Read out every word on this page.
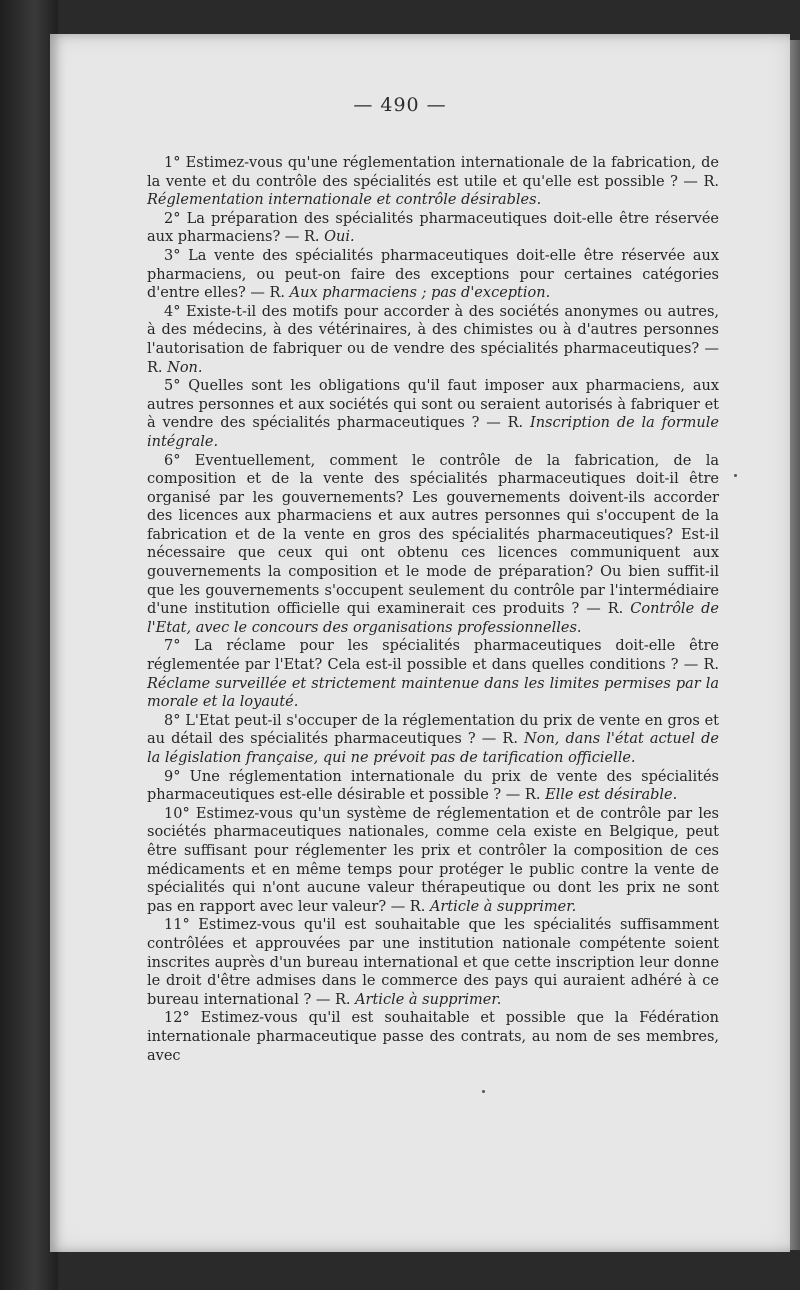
— 490 —

1° Estimez-vous qu'une réglementation internationale de la fabrication, de la vente et du contrôle des spécialités est utile et qu'elle est possible ? — R. Réglementation internationale et contrôle désirables.

2° La préparation des spécialités pharmaceutiques doit-elle être réservée aux pharmaciens? — R. Oui.

3° La vente des spécialités pharmaceutiques doit-elle être réservée aux pharmaciens, ou peut-on faire des exceptions pour certaines catégories d'entre elles? — R. Aux pharmaciens ; pas d'exception.

4° Existe-t-il des motifs pour accorder à des sociétés anonymes ou autres, à des médecins, à des vétérinaires, à des chimistes ou à d'autres personnes l'autorisation de fabriquer ou de vendre des spécialités pharmaceutiques? — R. Non.

5° Quelles sont les obligations qu'il faut imposer aux pharmaciens, aux autres personnes et aux sociétés qui sont ou seraient autorisés à fabriquer et à vendre des spécialités pharmaceutiques ? — R. Inscription de la formule intégrale.

6° Eventuellement, comment le contrôle de la fabrication, de la composition et de la vente des spécialités pharmaceutiques doit-il être organisé par les gouvernements? Les gouvernements doivent-ils accorder des licences aux pharmaciens et aux autres personnes qui s'occupent de la fabrication et de la vente en gros des spécialités pharmaceutiques? Est-il nécessaire que ceux qui ont obtenu ces licences communiquent aux gouvernements la composition et le mode de préparation? Ou bien suffit-il que les gouvernements s'occupent seulement du contrôle par l'intermédiaire d'une institution officielle qui examinerait ces produits ? — R. Contrôle de l'Etat, avec le concours des organisations professionnelles.

7° La réclame pour les spécialités pharmaceutiques doit-elle être réglementée par l'Etat? Cela est-il possible et dans quelles conditions ? — R. Réclame surveillée et strictement maintenue dans les limites permises par la morale et la loyauté.

8° L'Etat peut-il s'occuper de la réglementation du prix de vente en gros et au détail des spécialités pharmaceutiques ? — R. Non, dans l'état actuel de la législation française, qui ne prévoit pas de tarification officielle.

9° Une réglementation internationale du prix de vente des spécialités pharmaceutiques est-elle désirable et possible ? — R. Elle est désirable.

10° Estimez-vous qu'un système de réglementation et de contrôle par les sociétés pharmaceutiques nationales, comme cela existe en Belgique, peut être suffisant pour réglementer les prix et contrôler la composition de ces médicaments et en même temps pour protéger le public contre la vente de spécialités qui n'ont aucune valeur thérapeutique ou dont les prix ne sont pas en rapport avec leur valeur? — R. Article à supprimer.

11° Estimez-vous qu'il est souhaitable que les spécialités suffisamment contrôlées et approuvées par une institution nationale compétente soient inscrites auprès d'un bureau international et que cette inscription leur donne le droit d'être admises dans le commerce des pays qui auraient adhéré à ce bureau international ? — R. Article à supprimer.

12° Estimez-vous qu'il est souhaitable et possible que la Fédération internationale pharmaceutique passe des contrats, au nom de ses membres, avec
